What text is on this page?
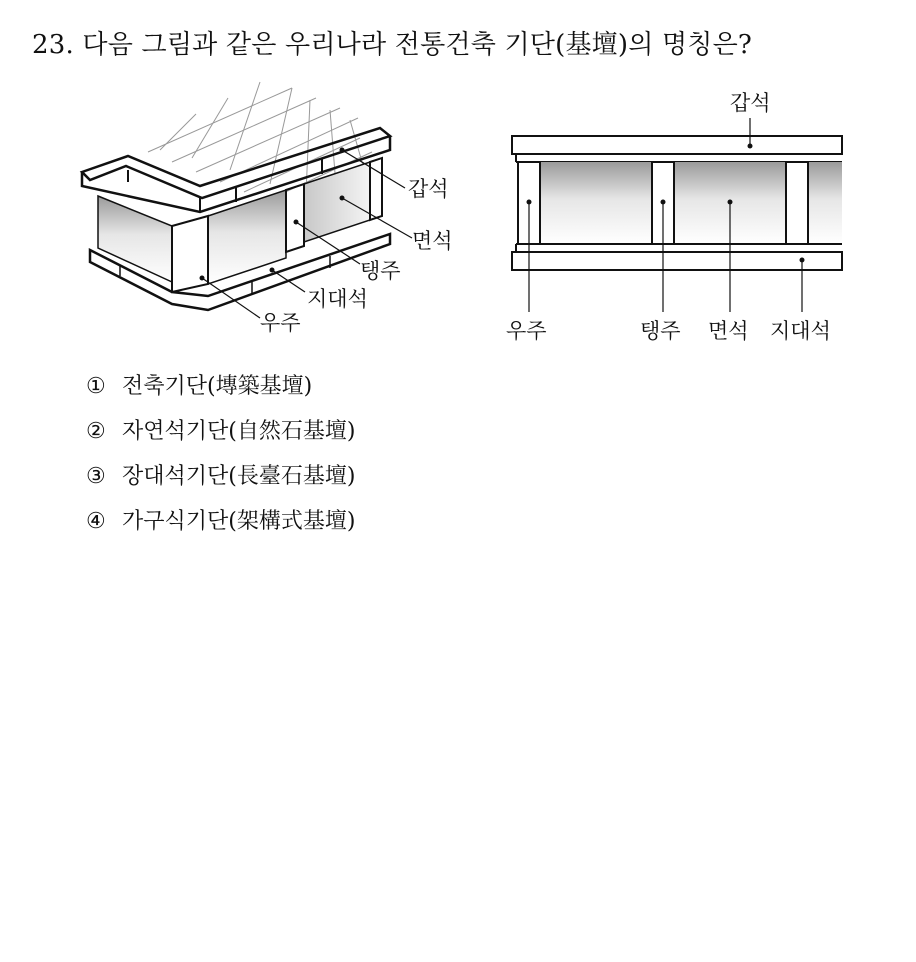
23. 다음 그림과 같은 우리나라 전통건축 기단(基壇)의 명칭은?
갑석
면석
탱주
지대석
우주
갑석
우주	탱주 면석 지대석
① 전축기단(塼築基壇)
② 자연석기단(自然石基壇)
③ 장대석기단(長臺石基壇)
④ 가구식기단(架構式基壇)
